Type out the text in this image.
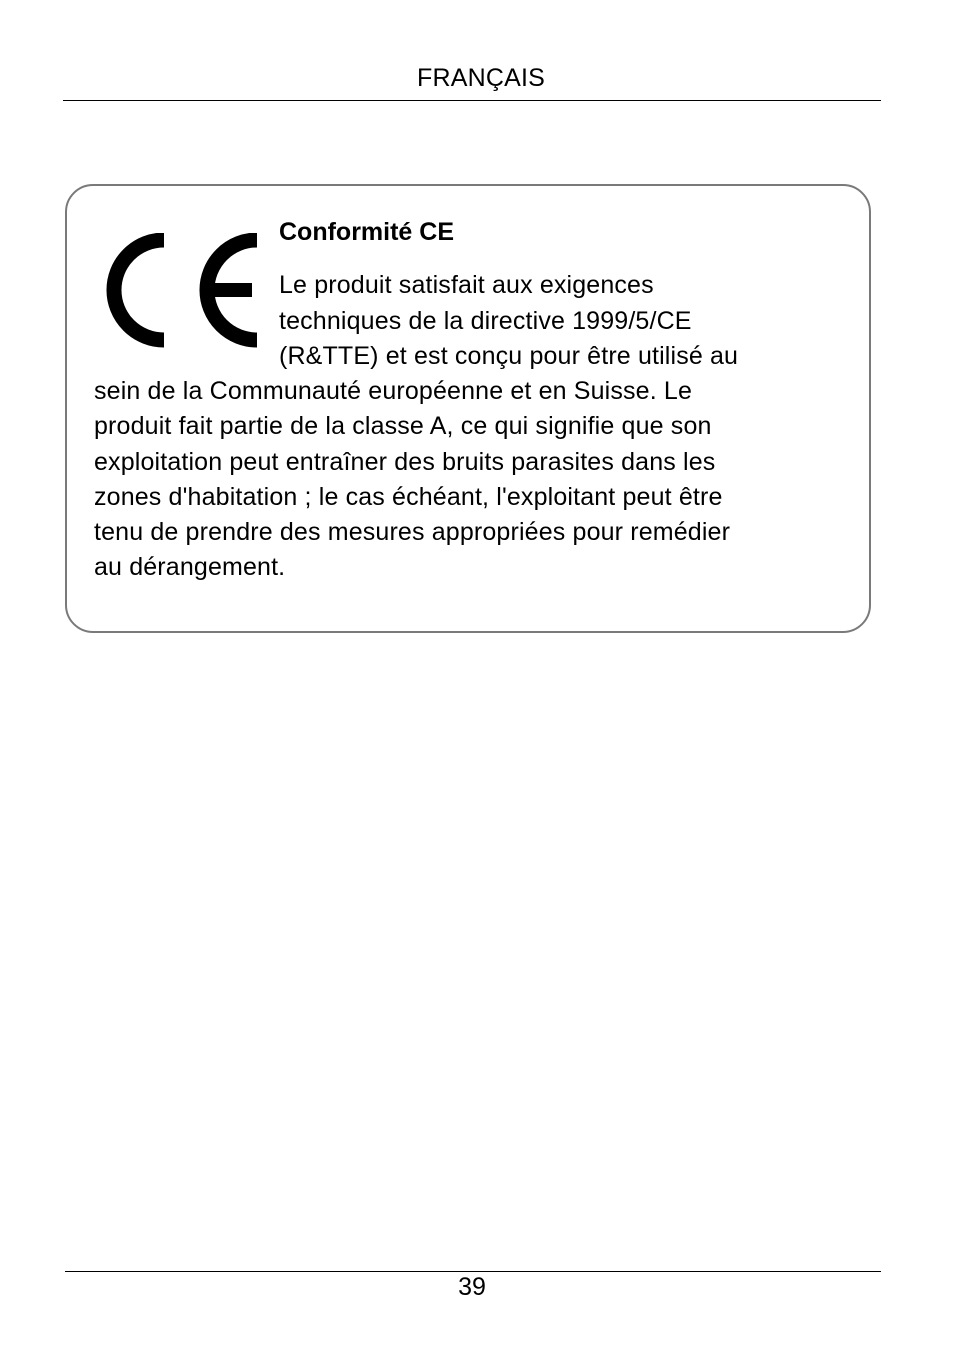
FRANÇAIS
Conformité CE
Le produit satisfait aux exigences
techniques de la directive 1999/5/CE
(R&TTE) et est conçu pour être utilisé au
sein de la Communauté européenne et en Suisse. Le
produit fait partie de la classe A, ce qui signifie que son
exploitation peut entraîner des bruits parasites dans les
zones d'habitation ; le cas échéant, l'exploitant peut être
tenu de prendre des mesures appropriées pour remédier
au dérangement.
39
